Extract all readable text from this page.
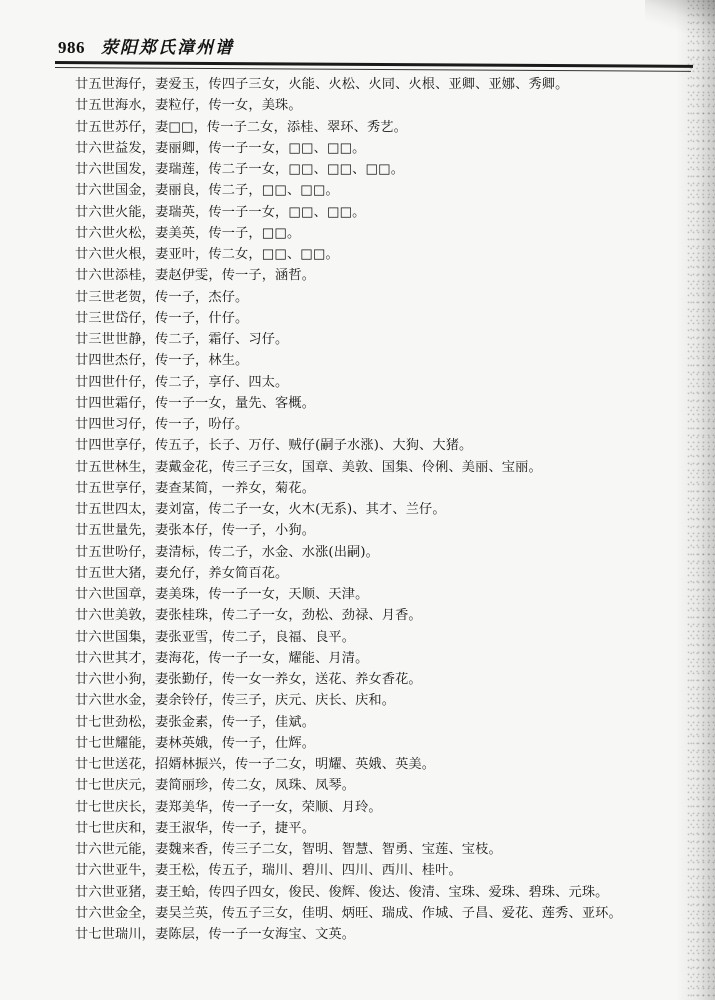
986 荥阳郑氏漳州谱
廿五世海仔，妻爱玉，传四子三女，火能、火松、火同、火根、亚卿、亚娜、秀卿。
廿五世海水，妻粒仔，传一女，美珠。
廿五世苏仔，妻□□，传一子二女，添桂、翠环、秀艺。
廿六世益发，妻丽卿，传一子一女，□□、□□。
廿六世国发，妻瑞莲，传二子一女，□□、□□、□□。
廿六世国金，妻丽良，传二子，□□、□□。
廿六世火能，妻瑞英，传一子一女，□□、□□。
廿六世火松，妻美英，传一子，□□。
廿六世火根，妻亚叶，传二女，□□、□□。
廿六世添桂，妻赵伊雯，传一子，涵哲。
廿三世老贺，传一子，杰仔。
廿三世岱仔，传一子，什仔。
廿三世世静，传二子，霜仔、习仔。
廿四世杰仔，传一子，林生。
廿四世什仔，传二子，享仔、四太。
廿四世霜仔，传一子一女，量先、客概。
廿四世习仔，传一子，吩仔。
廿四世享仔，传五子，长子、万仔、贼仔(嗣子水涨)、大狗、大猪。
廿五世林生，妻戴金花，传三子三女，国章、美敦、国集、伶俐、美丽、宝丽。
廿五世享仔，妻查某简，一养女，菊花。
廿五世四太，妻刘富，传二子一女，火木(无系)、其才、兰仔。
廿五世量先，妻张本仔，传一子，小狗。
廿五世吩仔，妻清标，传二子，水金、水涨(出嗣)。
廿五世大猪，妻允仔，养女简百花。
廿六世国章，妻美珠，传一子一女，天顺、天津。
廿六世美敦，妻张桂珠，传二子一女，劲松、劲禄、月香。
廿六世国集，妻张亚雪，传二子，良福、良平。
廿六世其才，妻海花，传一子一女，耀能、月清。
廿六世小狗，妻张勤仔，传一女一养女，送花、养女香花。
廿六世水金，妻余铃仔，传三子，庆元、庆长、庆和。
廿七世劲松，妻张金素，传一子，佳斌。
廿七世耀能，妻林英娥，传一子，仕辉。
廿七世送花，招婿林振兴，传一子二女，明耀、英娥、英美。
廿七世庆元，妻简丽珍，传二女，凤珠、凤琴。
廿七世庆长，妻郑美华，传一子一女，荣顺、月玲。
廿七世庆和，妻王淑华，传一子，捷平。
廿六世元能，妻魏来香，传三子二女，智明、智慧、智勇、宝莲、宝枝。
廿六世亚牛，妻王松，传五子，瑞川、碧川、四川、西川、桂叶。
廿六世亚猪，妻王蛤，传四子四女，俊民、俊辉、俊达、俊清、宝珠、爱珠、碧珠、元珠。
廿六世金全，妻吴兰英，传五子三女，佳明、炳旺、瑞成、作城、子昌、爱花、莲秀、亚环。
廿七世瑞川，妻陈层，传一子一女海宝、文英。
